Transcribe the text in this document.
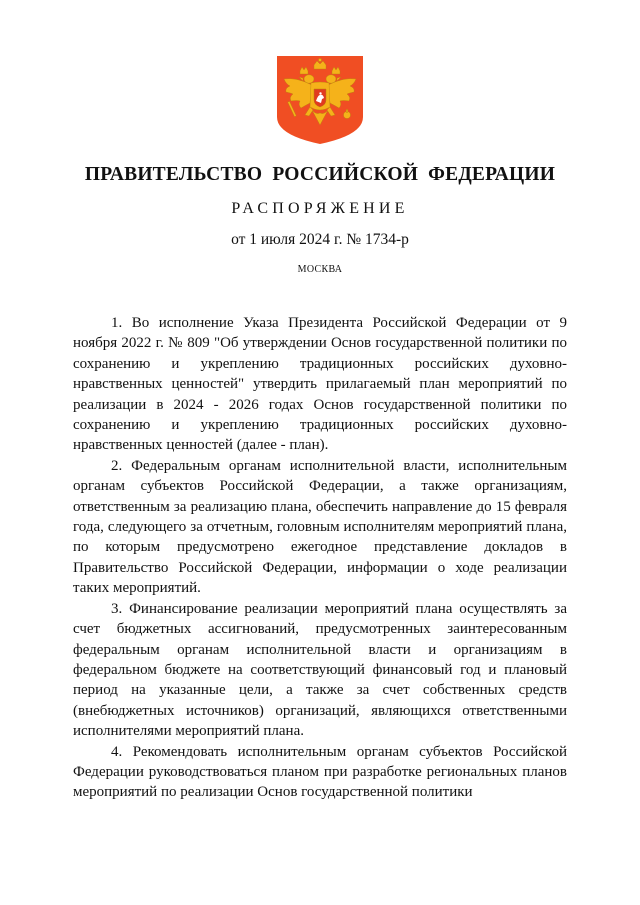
ПРАВИТЕЛЬСТВО РОССИЙСКОЙ ФЕДЕРАЦИИ
РАСПОРЯЖЕНИЕ
от 1 июля 2024 г. № 1734-р
МОСКВА

1. Во исполнение Указа Президента Российской Федерации от 9 ноября 2022 г. № 809 "Об утверждении Основ государственной политики по сохранению и укреплению традиционных российских духовно-нравственных ценностей" утвердить прилагаемый план мероприятий по реализации в 2024 - 2026 годах Основ государственной политики по сохранению и укреплению традиционных российских духовно-нравственных ценностей (далее - план).

2. Федеральным органам исполнительной власти, исполнительным органам субъектов Российской Федерации, а также организациям, ответственным за реализацию плана, обеспечить направление до 15 февраля года, следующего за отчетным, головным исполнителям мероприятий плана, по которым предусмотрено ежегодное представление докладов в Правительство Российской Федерации, информации о ходе реализации таких мероприятий.

3. Финансирование реализации мероприятий плана осуществлять за счет бюджетных ассигнований, предусмотренных заинтересованным федеральным органам исполнительной власти и организациям в федеральном бюджете на соответствующий финансовый год и плановый период на указанные цели, а также за счет собственных средств (внебюджетных источников) организаций, являющихся ответственными исполнителями мероприятий плана.

4. Рекомендовать исполнительным органам субъектов Российской Федерации руководствоваться планом при разработке региональных планов мероприятий по реализации Основ государственной политики
